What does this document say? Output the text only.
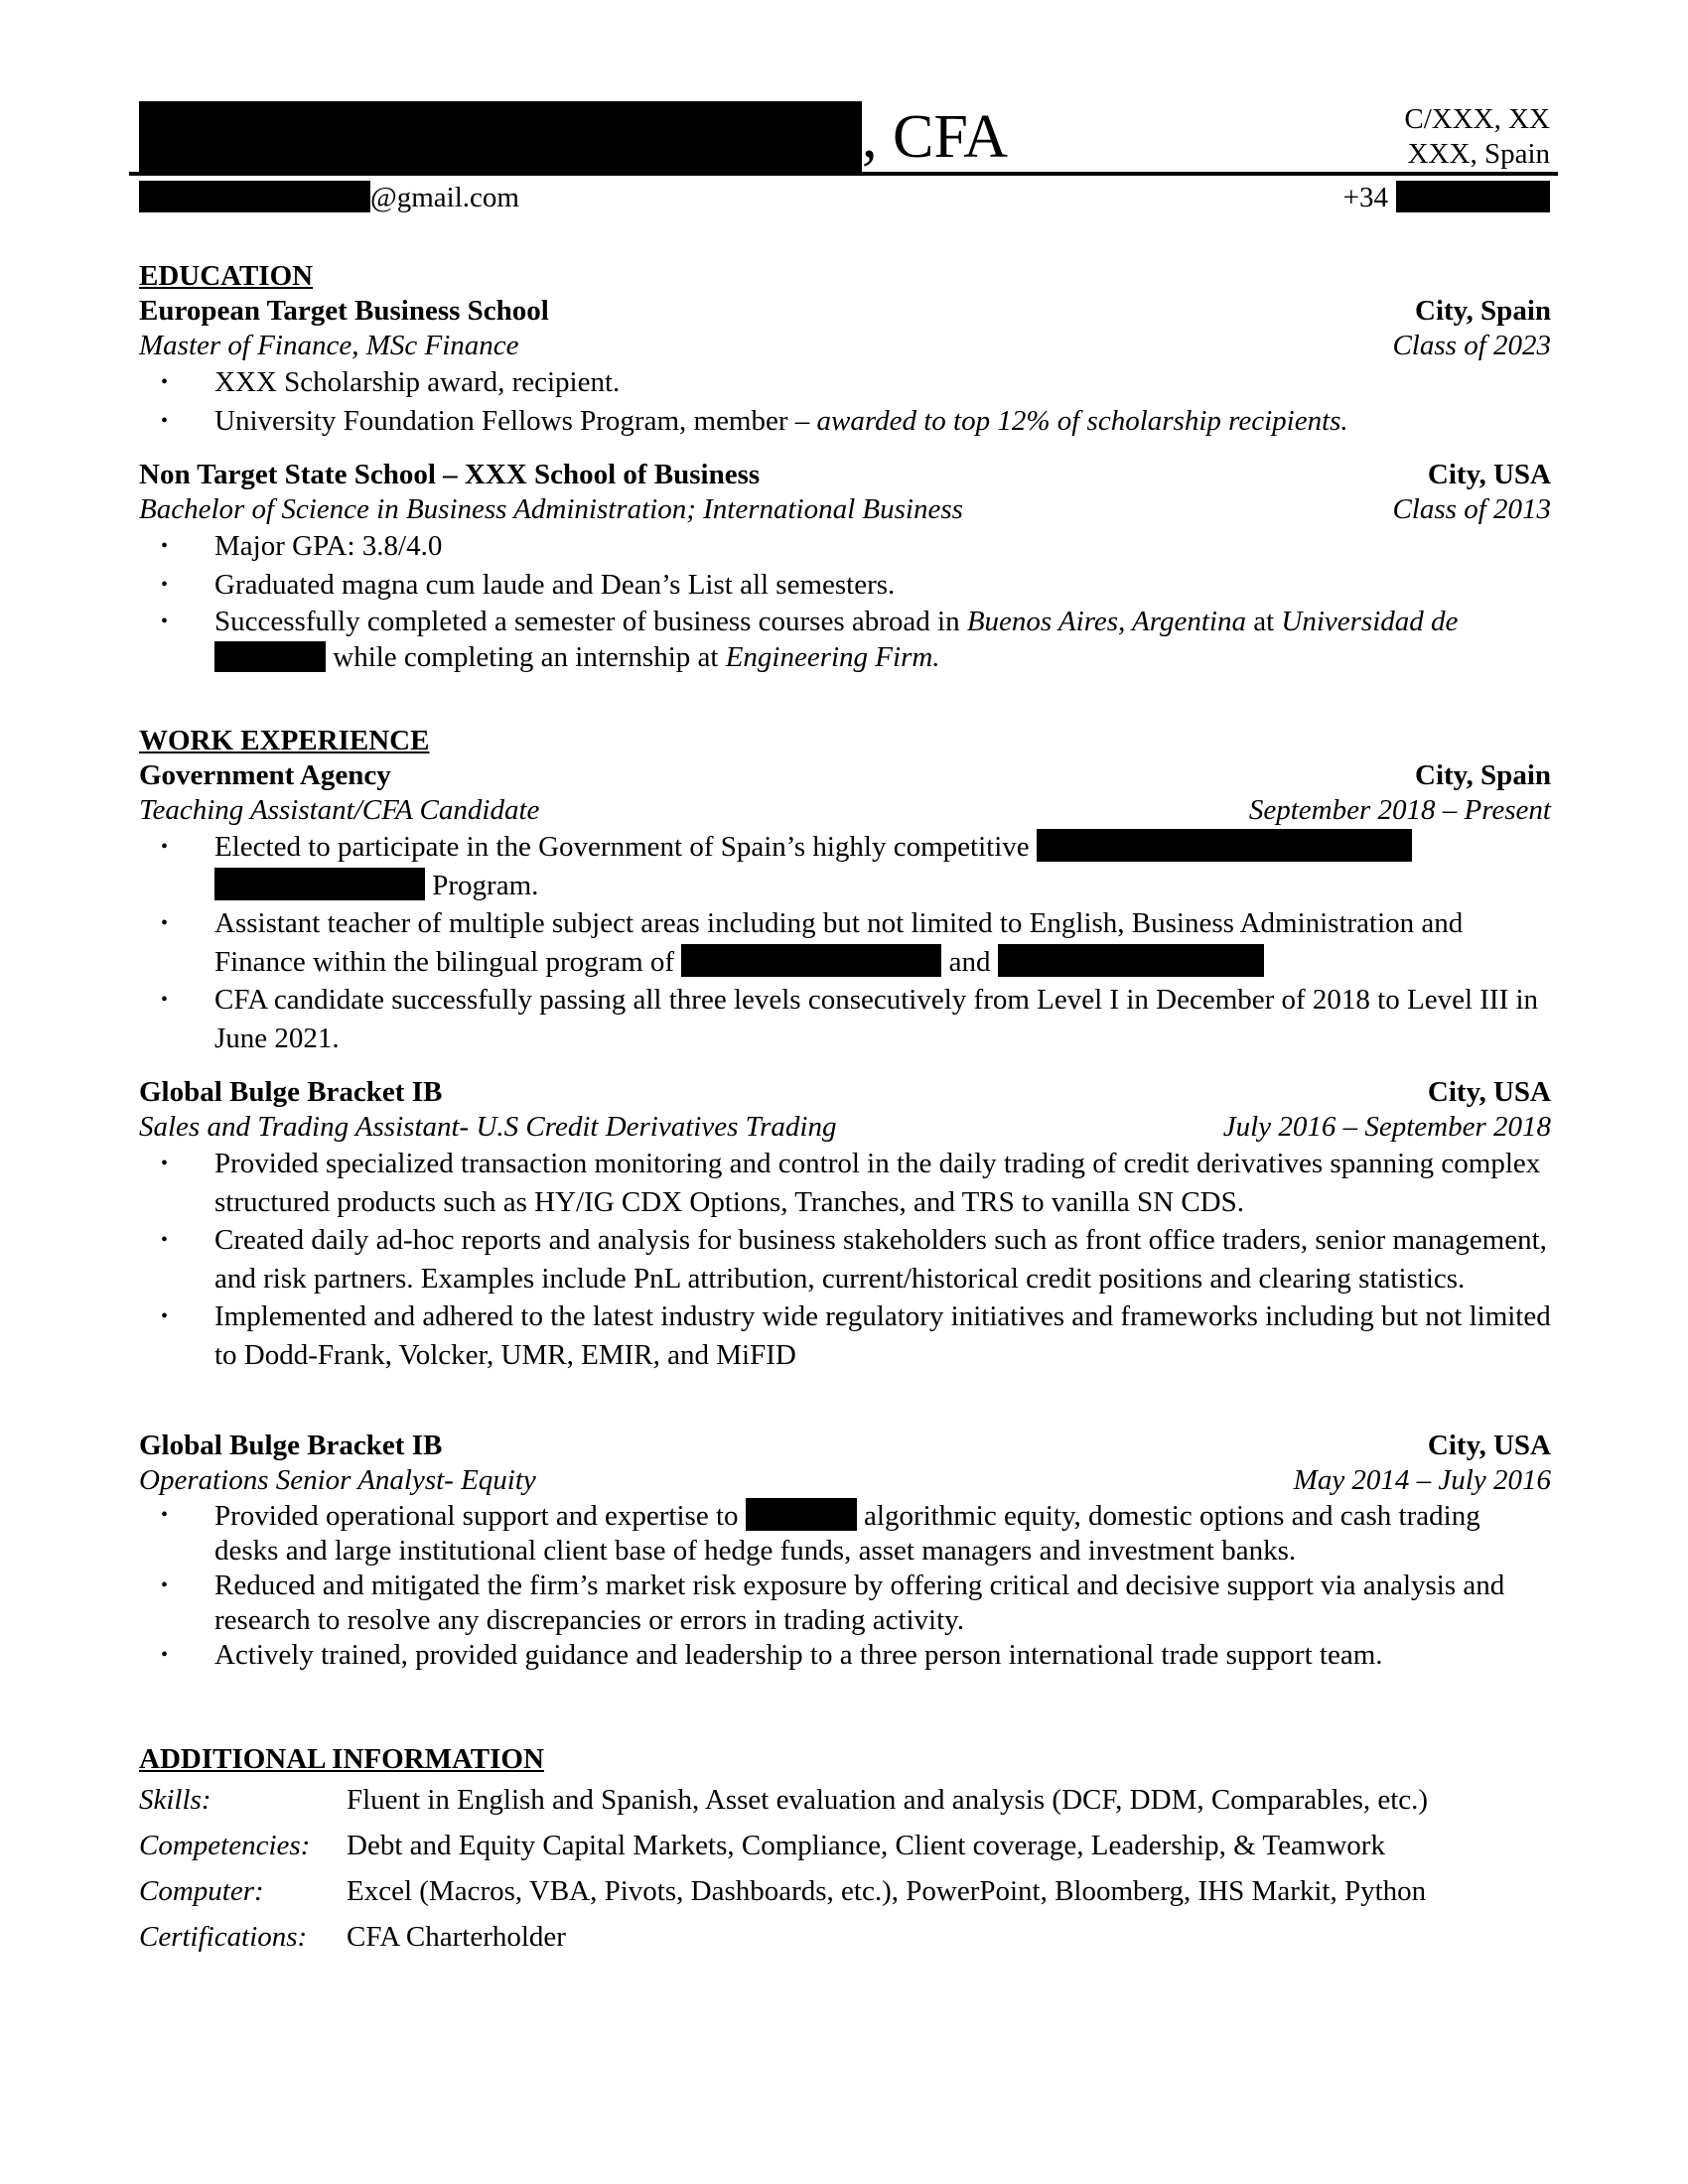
, CFA	C/XXX, XX
XXX, Spain
@gmail.com	+34
EDUCATION
European Target Business School	City, Spain
Master of Finance, MSc Finance	Class of 2023
• XXX Scholarship award, recipient.
• University Foundation Fellows Program, member – awarded to top 12% of scholarship recipients.
Non Target State School – XXX School of Business	City, USA
Bachelor of Science in Business Administration; International Business	Class of 2013
• Major GPA: 3.8/4.0
• Graduated magna cum laude and Dean’s List all semesters.
• Successfully completed a semester of business courses abroad in Buenos Aires, Argentina at Universidad de
while completing an internship at Engineering Firm.
WORK EXPERIENCE
Government Agency	City, Spain
Teaching Assistant/CFA Candidate	September 2018 – Present
• Elected to participate in the Government of Spain’s highly competitive
Program.
• Assistant teacher of multiple subject areas including but not limited to English, Business Administration and Finance within the bilingual program of	and
• CFA candidate successfully passing all three levels consecutively from Level I in December of 2018 to Level III in June 2021.
Global Bulge Bracket IB	City, USA
Sales and Trading Assistant- U.S Credit Derivatives Trading	July 2016 – September 2018
• Provided specialized transaction monitoring and control in the daily trading of credit derivatives spanning complex structured products such as HY/IG CDX Options, Tranches, and TRS to vanilla SN CDS.
• Created daily ad-hoc reports and analysis for business stakeholders such as front office traders, senior management, and risk partners. Examples include PnL attribution, current/historical credit positions and clearing statistics.
• Implemented and adhered to the latest industry wide regulatory initiatives and frameworks including but not limited to Dodd-Frank, Volcker, UMR, EMIR, and MiFID
Global Bulge Bracket IB	City, USA
Operations Senior Analyst- Equity	May 2014 – July 2016
• Provided operational support and expertise to	algorithmic equity, domestic options and cash trading desks and large institutional client base of hedge funds, asset managers and investment banks.
• Reduced and mitigated the firm’s market risk exposure by offering critical and decisive support via analysis and research to resolve any discrepancies or errors in trading activity.
• Actively trained, provided guidance and leadership to a three person international trade support team.
ADDITIONAL INFORMATION
Skills:	Fluent in English and Spanish, Asset evaluation and analysis (DCF, DDM, Comparables, etc.)
Competencies:	Debt and Equity Capital Markets, Compliance, Client coverage, Leadership, & Teamwork
Computer:	Excel (Macros, VBA, Pivots, Dashboards, etc.), PowerPoint, Bloomberg, IHS Markit, Python
Certifications:	CFA Charterholder
